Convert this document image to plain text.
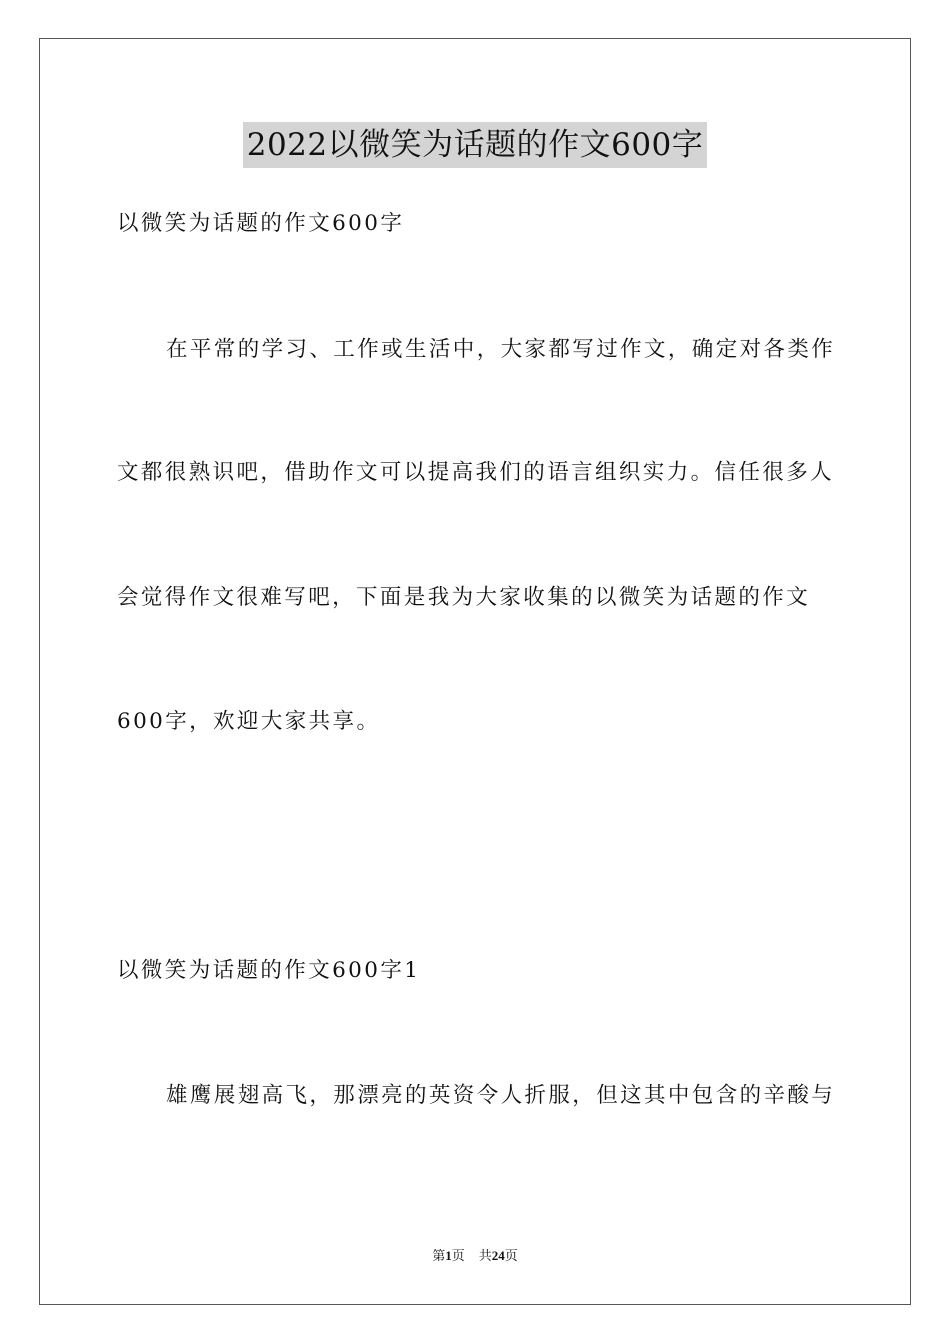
2022以微笑为话题的作文600字
以微笑为话题的作文600字
在平常的学习、工作或生活中，大家都写过作文，确定对各类作
文都很熟识吧，借助作文可以提高我们的语言组织实力。信任很多人
会觉得作文很难写吧，下面是我为大家收集的以微笑为话题的作文
600字，欢迎大家共享。
以微笑为话题的作文600字1
雄鹰展翅高飞，那漂亮的英资令人折服，但这其中包含的辛酸与
第1页 共24页
